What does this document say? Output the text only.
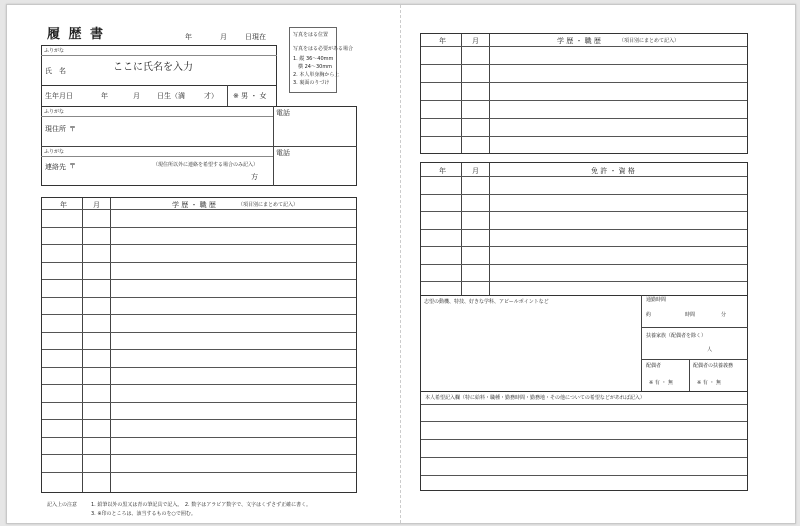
履 歴 書	年	月	日現在	写真をはる位置
写真をはる必要がある場合
1. 縦 36〜40mm
横 24〜30mm
2. 本人単身胸から上
3. 裏面のりづけ
ふりがな
氏　名	ここに氏名を入力
生年月日	年	月 日生（満	才） ※ 男 ・ 女
ふりがな
現住所 〒
電話
ふりがな
連絡先 〒	（現住所以外に連絡を希望する場合のみ記入）
方
電話
年	月	学 歴 ・ 職 歴	（項目別にまとめて記入）
記入上の注意	1. 鉛筆以外の黒又は青の筆記具で記入。　2. 数字はアラビア数字で、文字はくずさず正確に書く。
3. ※印のところは、該当するものを○で囲む。
年	月	学 歴 ・ 職 歴	（項目別にまとめて記入）
年	月	免 許 ・ 資 格
志望の動機、特技、好きな学科、アピールポイントなど	通勤時間
約	時間	分
扶養家族（配偶者を除く）
人
配偶者
※ 有 ・ 無
配偶者の扶養義務
※ 有 ・ 無
本人希望記入欄（特に給料・職種・勤務時間・勤務地・その他についての希望などがあれば記入）
